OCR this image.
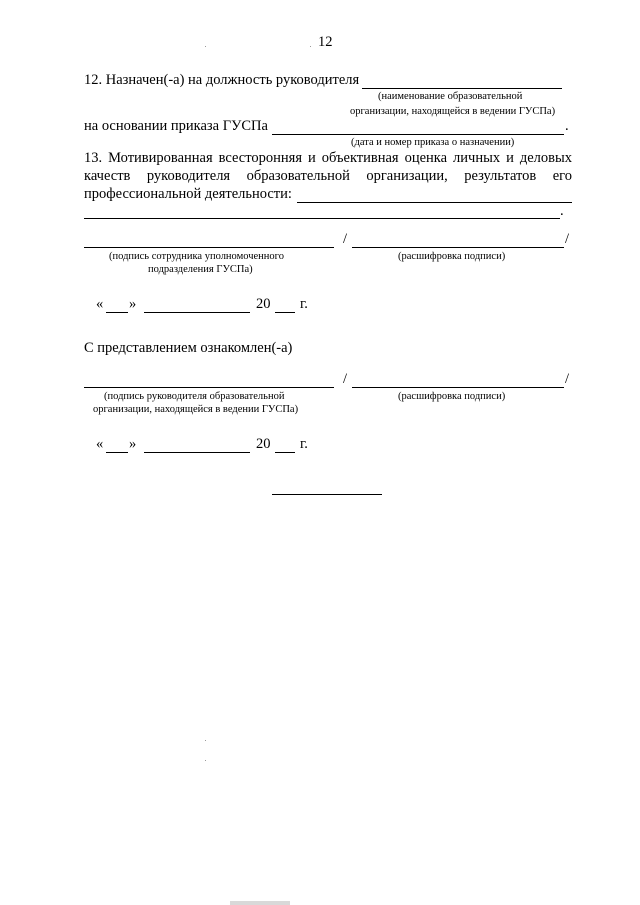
12
12. Назначен(-а) на должность руководителя
(наименование образовательной
организации, находящейся в ведении ГУСПа)
на основании приказа ГУСПа	.
(дата и номер приказа о назначении)
13. Мотивированная всесторонняя и объективная оценка личных и деловых
качеств руководителя образовательной организации, результатов его
профессиональной деятельности:
.
/	/
(подпись сотрудника уполномоченного
подразделения ГУСПа)
(расшифровка подписи)
« »	20 г.
С представлением ознакомлен(-а)
/	/
(подпись руководителя образовательной
организации, находящейся в ведении ГУСПа)
(расшифровка подписи)
« »	20 г.
